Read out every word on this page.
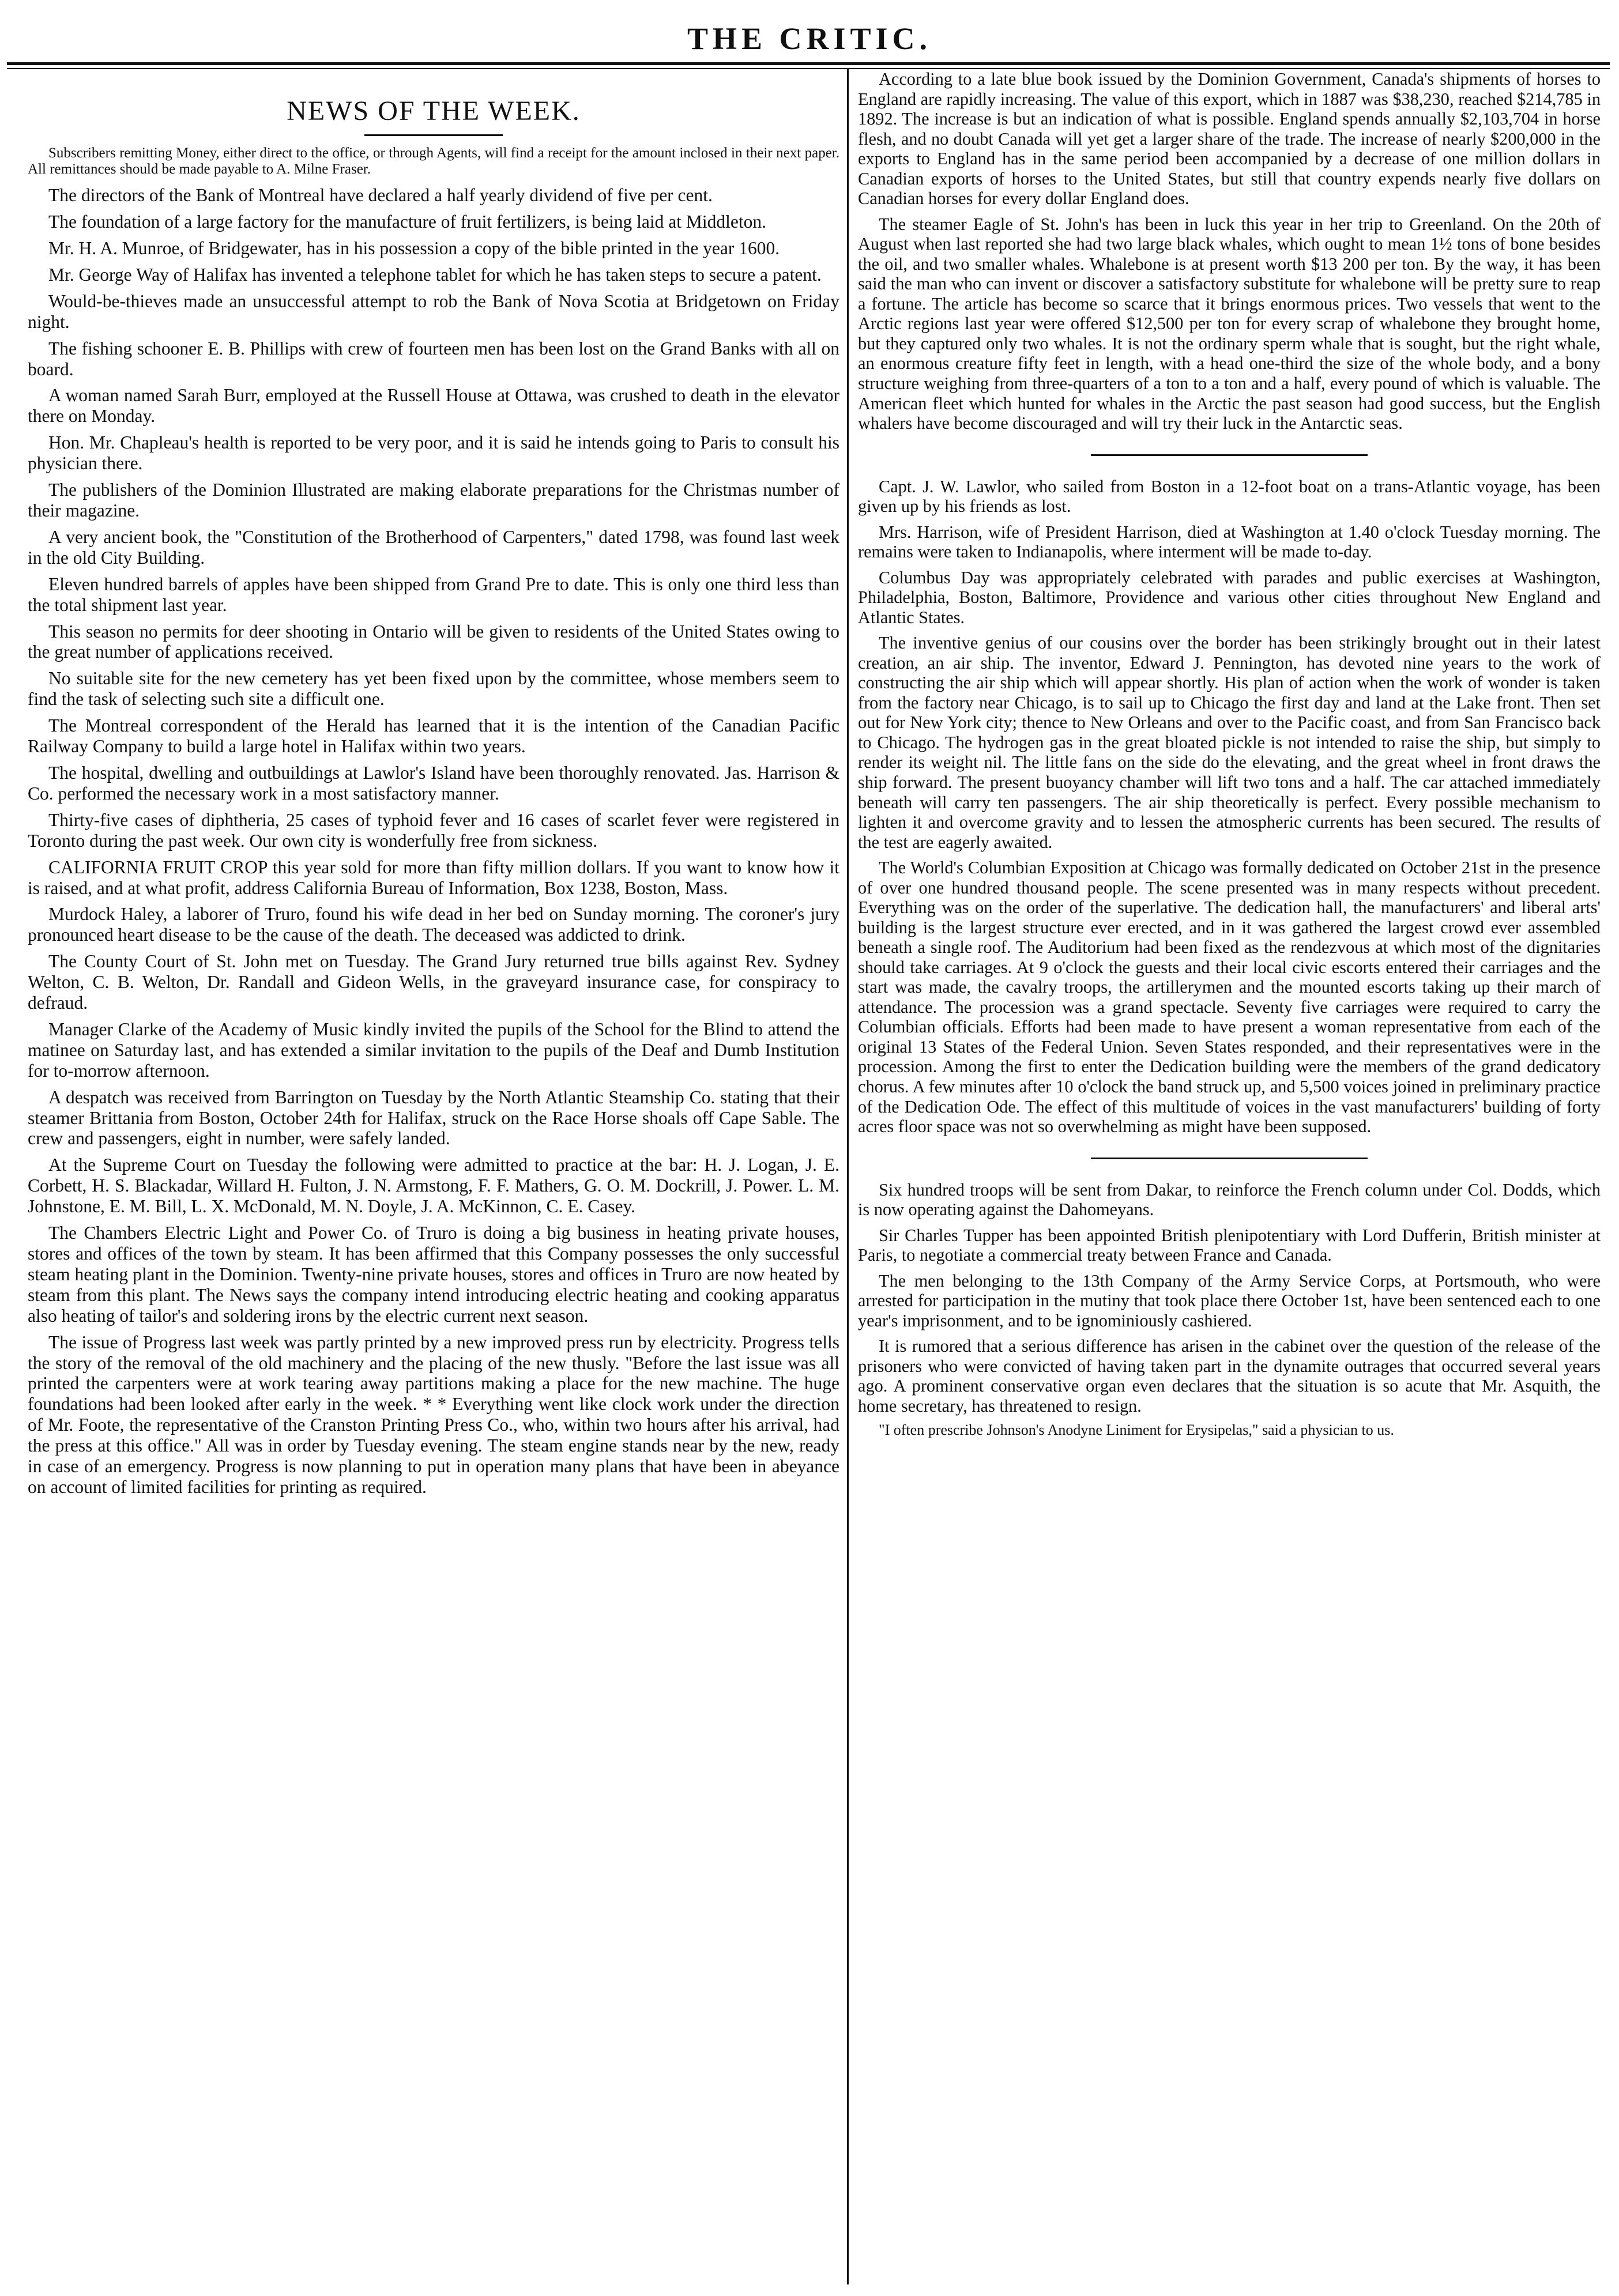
THE CRITIC.
NEWS OF THE WEEK.

Subscribers remitting Money, either direct to the office, or through Agents, will find a receipt for the amount inclosed in their next paper. All remittances should be made payable to A. Milne Fraser.

The directors of the Bank of Montreal have declared a half yearly dividend of five per cent.

The foundation of a large factory for the manufacture of fruit fertilizers, is being laid at Middleton.

Mr. H. A. Munroe, of Bridgewater, has in his possession a copy of the bible printed in the year 1600.

Mr. George Way of Halifax has invented a telephone tablet for which he has taken steps to secure a patent.

Would-be-thieves made an unsuccessful attempt to rob the Bank of Nova Scotia at Bridgetown on Friday night.

The fishing schooner E. B. Phillips with crew of fourteen men has been lost on the Grand Banks with all on board.

A woman named Sarah Burr, employed at the Russell House at Ottawa, was crushed to death in the elevator there on Monday.

Hon. Mr. Chapleau's health is reported to be very poor, and it is said he intends going to Paris to consult his physician there.

The publishers of the Dominion Illustrated are making elaborate preparations for the Christmas number of their magazine.

A very ancient book, the "Constitution of the Brotherhood of Carpenters," dated 1798, was found last week in the old City Building.

Eleven hundred barrels of apples have been shipped from Grand Pre to date. This is only one third less than the total shipment last year.

This season no permits for deer shooting in Ontario will be given to residents of the United States owing to the great number of applications received.

No suitable site for the new cemetery has yet been fixed upon by the committee, whose members seem to find the task of selecting such site a difficult one.

The Montreal correspondent of the Herald has learned that it is the intention of the Canadian Pacific Railway Company to build a large hotel in Halifax within two years.

The hospital, dwelling and outbuildings at Lawlor's Island have been thoroughly renovated. Jas. Harrison & Co. performed the necessary work in a most satisfactory manner.

Thirty-five cases of diphtheria, 25 cases of typhoid fever and 16 cases of scarlet fever were registered in Toronto during the past week. Our own city is wonderfully free from sickness.

CALIFORNIA FRUIT CROP this year sold for more than fifty million dollars. If you want to know how it is raised, and at what profit, address California Bureau of Information, Box 1238, Boston, Mass.

Murdock Haley, a laborer of Truro, found his wife dead in her bed on Sunday morning. The coroner's jury pronounced heart disease to be the cause of the death. The deceased was addicted to drink.

The County Court of St. John met on Tuesday. The Grand Jury returned true bills against Rev. Sydney Welton, C. B. Welton, Dr. Randall and Gideon Wells, in the graveyard insurance case, for conspiracy to defraud.

Manager Clarke of the Academy of Music kindly invited the pupils of the School for the Blind to attend the matinee on Saturday last, and has extended a similar invitation to the pupils of the Deaf and Dumb Institution for to-morrow afternoon.

A despatch was received from Barrington on Tuesday by the North Atlantic Steamship Co. stating that their steamer Brittania from Boston, October 24th for Halifax, struck on the Race Horse shoals off Cape Sable. The crew and passengers, eight in number, were safely landed.

At the Supreme Court on Tuesday the following were admitted to practice at the bar: H. J. Logan, J. E. Corbett, H. S. Blackadar, Willard H. Fulton, J. N. Armstong, F. F. Mathers, G. O. M. Dockrill, J. Power. L. M. Johnstone, E. M. Bill, L. X. McDonald, M. N. Doyle, J. A. McKinnon, C. E. Casey.

The Chambers Electric Light and Power Co. of Truro is doing a big business in heating private houses, stores and offices of the town by steam. It has been affirmed that this Company possesses the only successful steam heating plant in the Dominion. Twenty-nine private houses, stores and offices in Truro are now heated by steam from this plant. The News says the company intend introducing electric heating and cooking apparatus also heating of tailor's and soldering irons by the electric current next season.

The issue of Progress last week was partly printed by a new improved press run by electricity. Progress tells the story of the removal of the old machinery and the placing of the new thusly. "Before the last issue was all printed the carpenters were at work tearing away partitions making a place for the new machine. The huge foundations had been looked after early in the week. * * Everything went like clock work under the direction of Mr. Foote, the representative of the Cranston Printing Press Co., who, within two hours after his arrival, had the press at this office." All was in order by Tuesday evening. The steam engine stands near by the new, ready in case of an emergency. Progress is now planning to put in operation many plans that have been in abeyance on account of limited facilities for printing as required.

According to a late blue book issued by the Dominion Government, Canada's shipments of horses to England are rapidly increasing. The value of this export, which in 1887 was $38,230, reached $214,785 in 1892. The increase is but an indication of what is possible. England spends annually $2,103,704 in horse flesh, and no doubt Canada will yet get a larger share of the trade. The increase of nearly $200,000 in the exports to England has in the same period been accompanied by a decrease of one million dollars in Canadian exports of horses to the United States, but still that country expends nearly five dollars on Canadian horses for every dollar England does.

The steamer Eagle of St. John's has been in luck this year in her trip to Greenland. On the 20th of August when last reported she had two large black whales, which ought to mean 1½ tons of bone besides the oil, and two smaller whales. Whalebone is at present worth $13 200 per ton. By the way, it has been said the man who can invent or discover a satisfactory substitute for whalebone will be pretty sure to reap a fortune. The article has become so scarce that it brings enormous prices. Two vessels that went to the Arctic regions last year were offered $12,500 per ton for every scrap of whalebone they brought home, but they captured only two whales. It is not the ordinary sperm whale that is sought, but the right whale, an enormous creature fifty feet in length, with a head one-third the size of the whole body, and a bony structure weighing from three-quarters of a ton to a ton and a half, every pound of which is valuable. The American fleet which hunted for whales in the Arctic the past season had good success, but the English whalers have become discouraged and will try their luck in the Antarctic seas.

Capt. J. W. Lawlor, who sailed from Boston in a 12-foot boat on a trans-Atlantic voyage, has been given up by his friends as lost.

Mrs. Harrison, wife of President Harrison, died at Washington at 1.40 o'clock Tuesday morning. The remains were taken to Indianapolis, where interment will be made to-day.

Columbus Day was appropriately celebrated with parades and public exercises at Washington, Philadelphia, Boston, Baltimore, Providence and various other cities throughout New England and Atlantic States.

The inventive genius of our cousins over the border has been strikingly brought out in their latest creation, an air ship. The inventor, Edward J. Pennington, has devoted nine years to the work of constructing the air ship which will appear shortly. His plan of action when the work of wonder is taken from the factory near Chicago, is to sail up to Chicago the first day and land at the Lake front. Then set out for New York city; thence to New Orleans and over to the Pacific coast, and from San Francisco back to Chicago. The hydrogen gas in the great bloated pickle is not intended to raise the ship, but simply to render its weight nil. The little fans on the side do the elevating, and the great wheel in front draws the ship forward. The present buoyancy chamber will lift two tons and a half. The car attached immediately beneath will carry ten passengers. The air ship theoretically is perfect. Every possible mechanism to lighten it and overcome gravity and to lessen the atmospheric currents has been secured. The results of the test are eagerly awaited.

The World's Columbian Exposition at Chicago was formally dedicated on October 21st in the presence of over one hundred thousand people. The scene presented was in many respects without precedent. Everything was on the order of the superlative. The dedication hall, the manufacturers' and liberal arts' building is the largest structure ever erected, and in it was gathered the largest crowd ever assembled beneath a single roof. The Auditorium had been fixed as the rendezvous at which most of the dignitaries should take carriages. At 9 o'clock the guests and their local civic escorts entered their carriages and the start was made, the cavalry troops, the artillerymen and the mounted escorts taking up their march of attendance. The procession was a grand spectacle. Seventy five carriages were required to carry the Columbian officials. Efforts had been made to have present a woman representative from each of the original 13 States of the Federal Union. Seven States responded, and their representatives were in the procession. Among the first to enter the Dedication building were the members of the grand dedicatory chorus. A few minutes after 10 o'clock the band struck up, and 5,500 voices joined in preliminary practice of the Dedication Ode. The effect of this multitude of voices in the vast manufacturers' building of forty acres floor space was not so overwhelming as might have been supposed.

Six hundred troops will be sent from Dakar, to reinforce the French column under Col. Dodds, which is now operating against the Dahomeyans.

Sir Charles Tupper has been appointed British plenipotentiary with Lord Dufferin, British minister at Paris, to negotiate a commercial treaty between France and Canada.

The men belonging to the 13th Company of the Army Service Corps, at Portsmouth, who were arrested for participation in the mutiny that took place there October 1st, have been sentenced each to one year's imprisonment, and to be ignominiously cashiered.

It is rumored that a serious difference has arisen in the cabinet over the question of the release of the prisoners who were convicted of having taken part in the dynamite outrages that occurred several years ago. A prominent conservative organ even declares that the situation is so acute that Mr. Asquith, the home secretary, has threatened to resign.

"I often prescribe Johnson's Anodyne Liniment for Erysipelas," said a physician to us.
